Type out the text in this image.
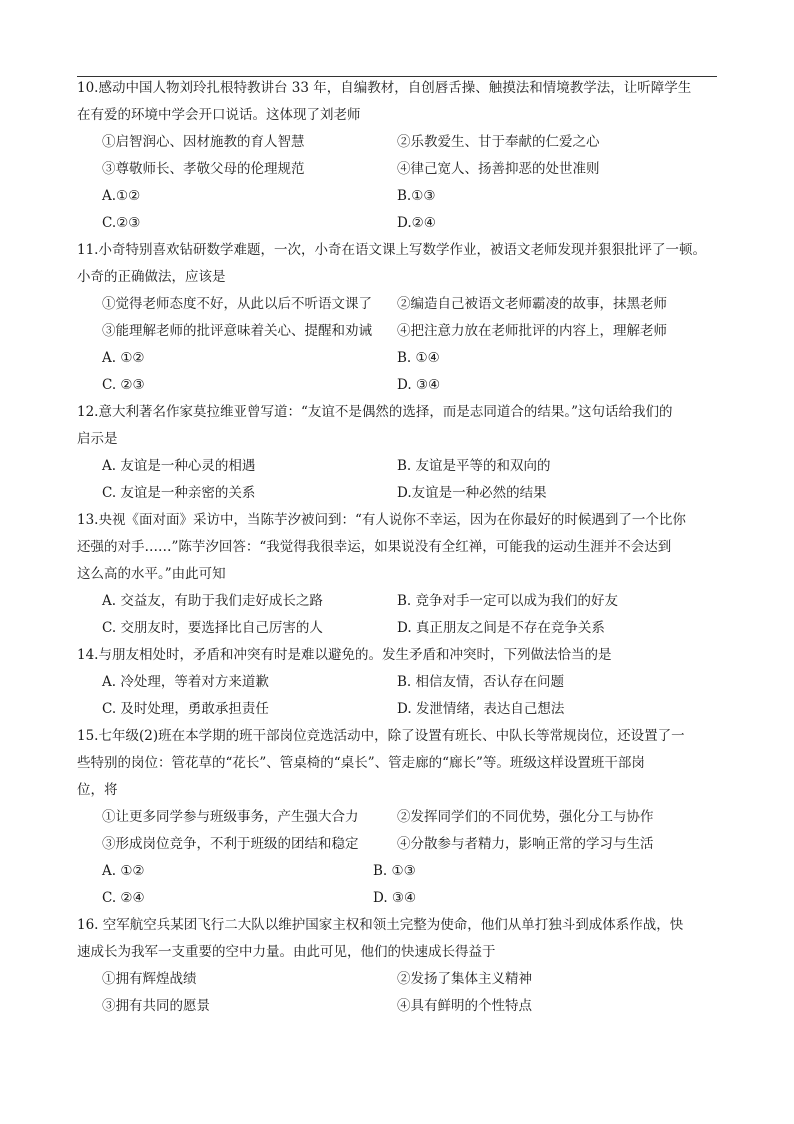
10.感动中国人物刘玲扎根特教讲台 33 年，自编教材，自创唇舌操、触摸法和情境教学法，让听障学生
在有爱的环境中学会开口说话。这体现了刘老师
①启智润心、因材施教的育人智慧	②乐教爱生、甘于奉献的仁爱之心
③尊敬师长、孝敬父母的伦理规范	④律己宽人、扬善抑恶的处世准则
A.①②	B.①③
C.②③	D.②④
11.小奇特别喜欢钻研数学难题，一次，小奇在语文课上写数学作业，被语文老师发现并狠狠批评了一顿。
小奇的正确做法，应该是
①觉得老师态度不好，从此以后不听语文课了 ②编造自己被语文老师霸凌的故事，抹黑老师
③能理解老师的批评意味着关心、提醒和劝诫 ④把注意力放在老师批评的内容上，理解老师
A. ①②	B. ①④
C. ②③	D. ③④
12.意大利著名作家莫拉维亚曾写道：“友谊不是偶然的选择，而是志同道合的结果。”这句话给我们的
启示是
A. 友谊是一种心灵的相遇	B. 友谊是平等的和双向的
C. 友谊是一种亲密的关系	D.友谊是一种必然的结果
13.央视《面对面》采访中，当陈芋汐被问到：“有人说你不幸运，因为在你最好的时候遇到了一个比你
还强的对手……”陈芋汐回答：“我觉得我很幸运，如果说没有全红禅，可能我的运动生涯并不会达到
这么高的水平。”由此可知
A. 交益友，有助于我们走好成长之路	B. 竞争对手一定可以成为我们的好友
C. 交朋友时，要选择比自己厉害的人	D. 真正朋友之间是不存在竞争关系
14.与朋友相处时，矛盾和冲突有时是难以避免的。发生矛盾和冲突时，下列做法恰当的是
A. 冷处理，等着对方来道歉	B. 相信友情，否认存在问题
C. 及时处理，勇敢承担责任	D. 发泄情绪，表达自己想法
15.七年级(2)班在本学期的班干部岗位竞选活动中，除了设置有班长、中队长等常规岗位，还设置了一
些特别的岗位：管花草的“花长”、管桌椅的“桌长”、管走廊的“廊长”等。班级这样设置班干部岗
位，将
①让更多同学参与班级事务，产生强大合力	②发挥同学们的不同优势，强化分工与协作
③形成岗位竞争，不利于班级的团结和稳定	④分散参与者精力，影响正常的学习与生活
A. ①②	B. ①③
C. ②④	D. ③④
16. 空军航空兵某团飞行二大队以维护国家主权和领土完整为使命，他们从单打独斗到成体系作战，快
速成长为我军一支重要的空中力量。由此可见，他们的快速成长得益于
①拥有辉煌战绩	②发扬了集体主义精神
③拥有共同的愿景	④具有鲜明的个性特点
